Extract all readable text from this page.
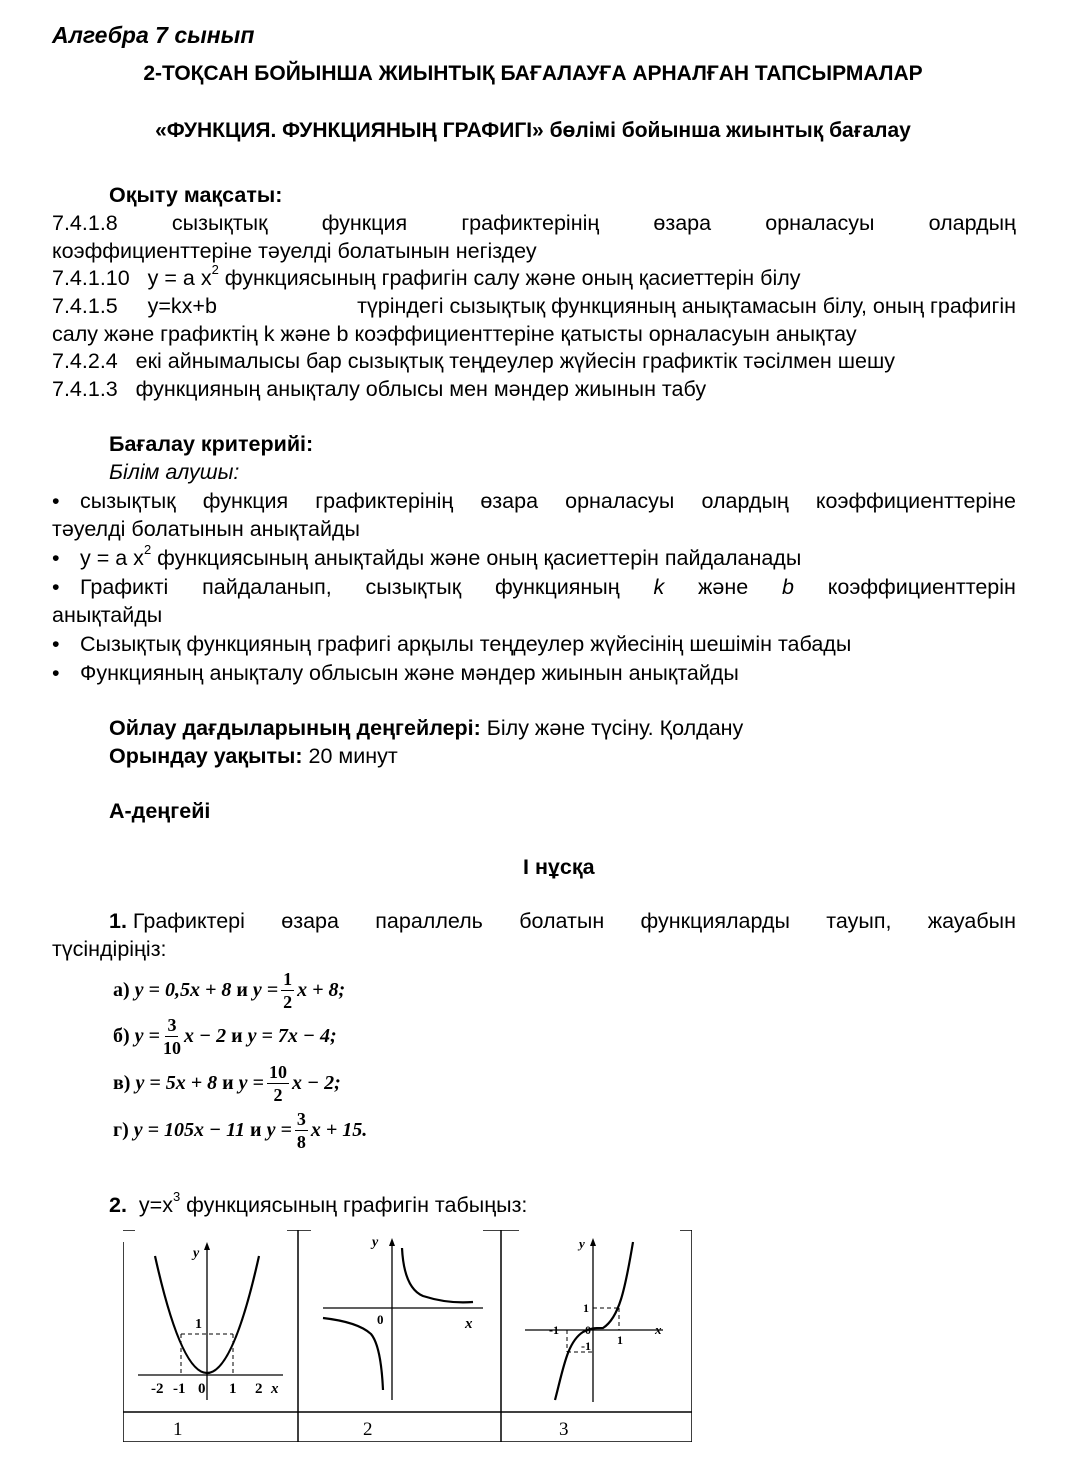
Алгебра 7 сынып
2-ТОҚСАН БОЙЫНША ЖИЫНТЫҚ БАҒАЛАУҒА АРНАЛҒАН ТАПСЫРМАЛАР
«ФУНКЦИЯ. ФУНКЦИЯНЫҢ ГРАФИГІ» бөлімі бойынша жиынтық бағалау
Оқыту мақсаты:
7.4.1.8	сызықтық	функция	графиктерінің	өзара	орналасуы	олардың
коэффициенттеріне тәуелді болатынын негіздеу
7.4.1.10 y = a $x^2$ функциясының графигін салу және оның қасиеттерін білу
7.4.1.5 y=kx+b	түріндегі сызықтық функцияның анықтамасын білу, оның графигін
салу және графиктің k және b коэффициенттеріне қатысты орналасуын анықтау
7.4.2.4   екі айнымалысы бар сызықтық теңдеулер жүйесін графиктік тәсілмен шешу
7.4.1.3   функцияның анықталу облысы мен мәндер жиынын табу
Бағалау критерийі:
Білім алушы:
• сызықтық функция графиктерінің өзара орналасуы олардың коэффициенттеріне
тәуелді болатынын анықтайды
• y = a $x^2$ функциясының анықтайды және оның қасиеттерін пайдаланады
• Графикті пайдаланып, сызықтық функцияның k және b коэффициенттерін
анықтайды
• Сызықтық функцияның графигі арқылы теңдеулер жүйесінің шешімін табады
• Функцияның анықталу облысын және мәндер жиынын анықтайды
Ойлау дағдыларының деңгейлері: Білу және түсіну. Қолдану
Орындау уақыты: 20 минут
А-деңгейі
І нұсқа
1. Графиктері өзара параллель болатын функцияларды тауып, жауабын
түсіндіріңіз:
а)
y = 0,5x + 8
и
$y = \frac{1}{2}$ x + 8;
б)
$y = \frac{3}{10}$ x − 2
и
y = 7x − 4;
в)
y = 5x + 8
и
$y = \frac{10}{2}$ x − 2;
г)
y = 105x − 11
и
$y = \frac{3}{8}$ x + 15.
2. $y=x^3$ функциясының графигін табыңыз:
-2 -1 0 1 2 x
y
1
y
x
0
y
x
1
-1 0
1
-1
1	2	3
